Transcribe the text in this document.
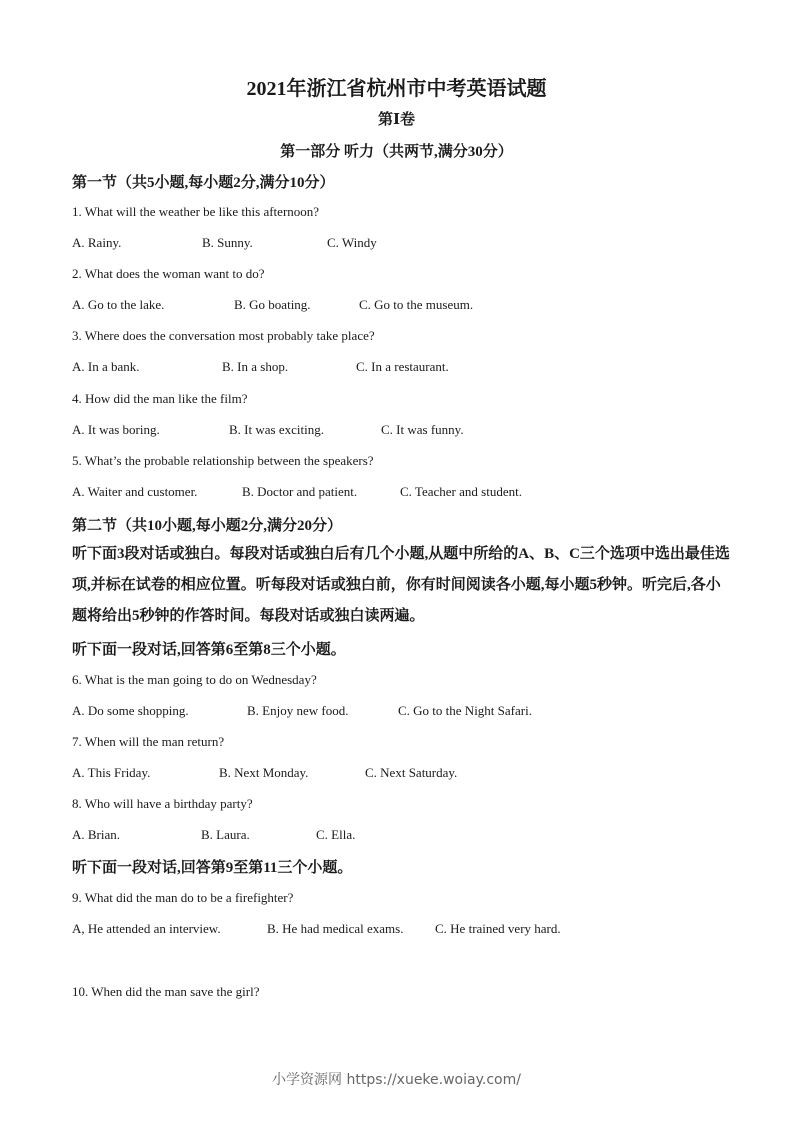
2021年浙江省杭州市中考英语试题
第Ⅰ卷
第一部分 听力（共两节,满分30分）
第一节（共5小题,每小题2分,满分10分）
1. What will the weather be like this afternoon?
A. Rainy.	B. Sunny.	C. Windy
2. What does the woman want to do?
A. Go to the lake.	B. Go boating.	C. Go to the museum.
3. Where does the conversation most probably take place?
A. In a bank.	B. In a shop.	C. In a restaurant.
4. How did the man like the film?
A. It was boring.	B. It was exciting.	C. It was funny.
5. What’s the probable relationship between the speakers?
A. Waiter and customer.	B. Doctor and patient.	C. Teacher and student.
第二节（共10小题,每小题2分,满分20分）
听下面3段对话或独白。每段对话或独白后有几个小题,从题中所给的A、B、C三个选项中选出最佳选项,并标在试卷的相应位置。听每段对话或独白前，你有时间阅读各小题,每小题5秒钟。听完后,各小题将给出5秒钟的作答时间。每段对话或独白读两遍。
听下面一段对话,回答第6至第8三个小题。
6. What is the man going to do on Wednesday?
A. Do some shopping.	B. Enjoy new food.	C. Go to the Night Safari.
7. When will the man return?
A. This Friday.	B. Next Monday.	C. Next Saturday.
8. Who will have a birthday party?
A. Brian.	B. Laura.	C. Ella.
听下面一段对话,回答第9至第11三个小题。
9. What did the man do to be a firefighter?
A, He attended an interview.	B. He had medical exams. C. He trained very hard.
10. When did the man save the girl?
小学资源网 https://xueke.woiay.com/
